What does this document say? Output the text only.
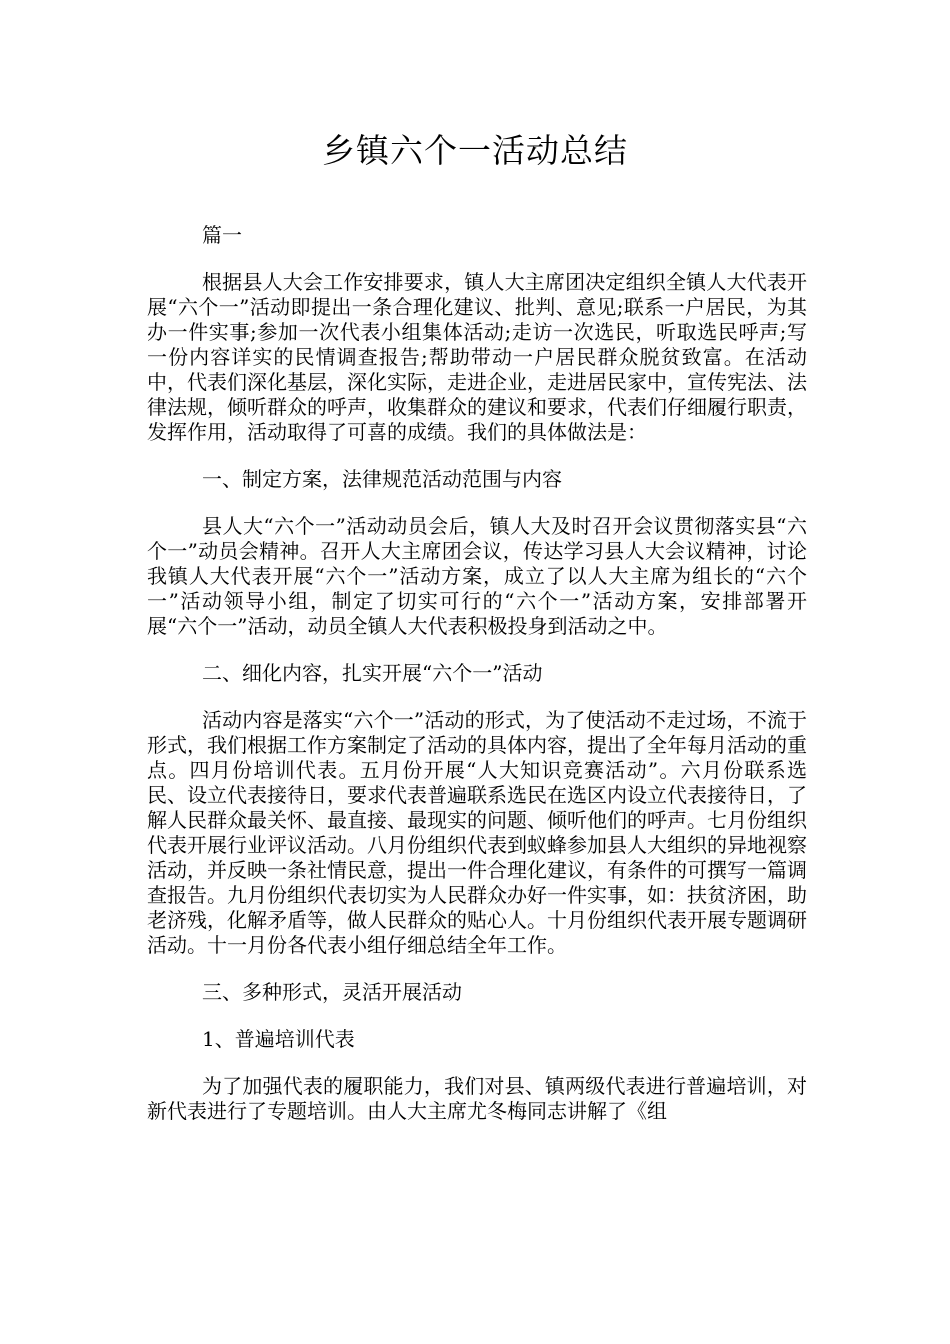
乡镇六个一活动总结

篇一

根据县人大会工作安排要求，镇人大主席团决定组织全镇人大代表开展“六个一”活动即提出一条合理化建议、批判、意见;联系一户居民，为其办一件实事;参加一次代表小组集体活动;走访一次选民，听取选民呼声;写一份内容详实的民情调查报告;帮助带动一户居民群众脱贫致富。在活动中，代表们深化基层，深化实际，走进企业，走进居民家中，宣传宪法、法律法规，倾听群众的呼声，收集群众的建议和要求，代表们仔细履行职责，发挥作用，活动取得了可喜的成绩。我们的具体做法是：

一、制定方案，法律规范活动范围与内容

县人大“六个一”活动动员会后，镇人大及时召开会议贯彻落实县“六个一”动员会精神。召开人大主席团会议，传达学习县人大会议精神，讨论我镇人大代表开展“六个一”活动方案，成立了以人大主席为组长的“六个一”活动领导小组，制定了切实可行的“六个一”活动方案，安排部署开展“六个一”活动，动员全镇人大代表积极投身到活动之中。

二、细化内容，扎实开展“六个一”活动

活动内容是落实“六个一”活动的形式，为了使活动不走过场，不流于形式，我们根据工作方案制定了活动的具体内容，提出了全年每月活动的重点。四月份培训代表。五月份开展“人大知识竞赛活动”。六月份联系选民、设立代表接待日，要求代表普遍联系选民在选区内设立代表接待日，了解人民群众最关怀、最直接、最现实的问题、倾听他们的呼声。七月份组织代表开展行业评议活动。八月份组织代表到蚁蜂参加县人大组织的异地视察活动，并反映一条社情民意，提出一件合理化建议，有条件的可撰写一篇调查报告。九月份组织代表切实为人民群众办好一件实事，如：扶贫济困，助老济残，化解矛盾等，做人民群众的贴心人。十月份组织代表开展专题调研活动。十一月份各代表小组仔细总结全年工作。

三、多种形式，灵活开展活动

1、普遍培训代表

为了加强代表的履职能力，我们对县、镇两级代表进行普遍培训，对新代表进行了专题培训。由人大主席尤冬梅同志讲解了《组
